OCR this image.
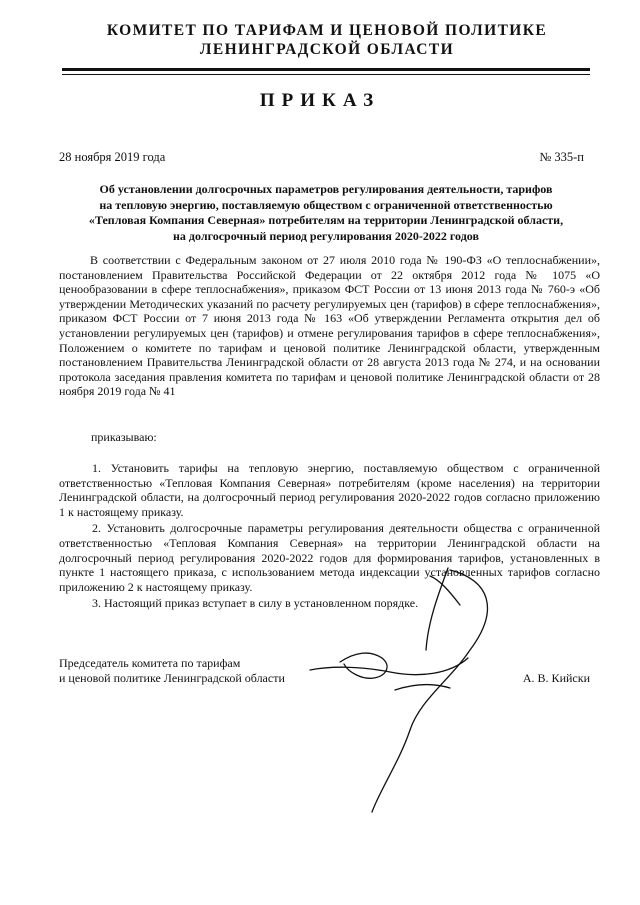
КОМИТЕТ ПО ТАРИФАМ И ЦЕНОВОЙ ПОЛИТИКЕ
ЛЕНИНГРАДСКОЙ ОБЛАСТИ
ПРИКАЗ
28 ноября 2019 года	№ 335-п
Об установлении долгосрочных параметров регулирования деятельности, тарифов
на тепловую энергию, поставляемую обществом с ограниченной ответственностью
«Тепловая Компания Северная» потребителям на территории Ленинградской области,
на долгосрочный период регулирования 2020-2022 годов

В соответствии с Федеральным законом от 27 июля 2010 года № 190-ФЗ «О теплоснабжении», постановлением Правительства Российской Федерации от 22 октября 2012 года № 1075 «О ценообразовании в сфере теплоснабжения», приказом ФСТ России от 13 июня 2013 года № 760-э «Об утверждении Методических указаний по расчету регулируемых цен (тарифов) в сфере теплоснабжения», приказом ФСТ России от 7 июня 2013 года № 163 «Об утверждении Регламента открытия дел об установлении регулируемых цен (тарифов) и отмене регулирования тарифов в сфере теплоснабжения», Положением о комитете по тарифам и ценовой политике Ленинградской области, утвержденным постановлением Правительства Ленинградской области от 28 августа 2013 года № 274, и на основании протокола заседания правления комитета по тарифам и ценовой политике Ленинградской области от 28 ноября 2019 года № 41

приказываю:

1. Установить тарифы на тепловую энергию, поставляемую обществом с ограниченной ответственностью «Тепловая Компания Северная» потребителям (кроме населения) на территории Ленинградской области, на долгосрочный период регулирования 2020-2022 годов согласно приложению 1 к настоящему приказу.

2. Установить долгосрочные параметры регулирования деятельности общества с ограниченной ответственностью «Тепловая Компания Северная» на территории Ленинградской области на долгосрочный период регулирования 2020-2022 годов для формирования тарифов, установленных в пункте 1 настоящего приказа, с использованием метода индексации установленных тарифов согласно приложению 2 к настоящему приказу.

3. Настоящий приказ вступает в силу в установленном порядке.

Председатель комитета по тарифам
и ценовой политике Ленинградской области	А. В. Кийски
